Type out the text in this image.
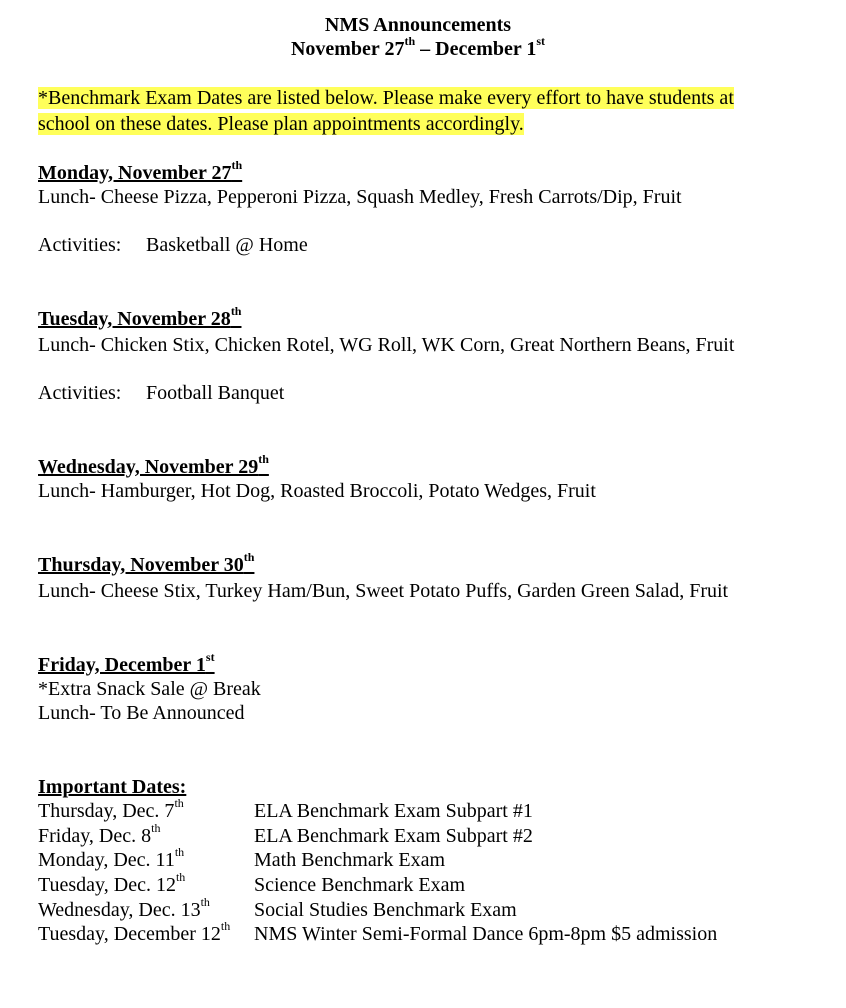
NMS Announcements
November 27th – December 1st
*Benchmark Exam Dates are listed below. Please make every effort to have students at
school on these dates. Please plan appointments accordingly.
Monday, November 27th
Lunch- Cheese Pizza, Pepperoni Pizza, Squash Medley, Fresh Carrots/Dip, Fruit
Activities: Basketball @ Home
Tuesday, November 28th
Lunch- Chicken Stix, Chicken Rotel, WG Roll, WK Corn, Great Northern Beans, Fruit
Activities: Football Banquet
Wednesday, November 29th
Lunch- Hamburger, Hot Dog, Roasted Broccoli, Potato Wedges, Fruit
Thursday, November 30th
Lunch- Cheese Stix, Turkey Ham/Bun, Sweet Potato Puffs, Garden Green Salad, Fruit
Friday, December 1st
*Extra Snack Sale @ Break
Lunch- To Be Announced
Important Dates:
Thursday, Dec. 7th	ELA Benchmark Exam Subpart #1
Friday, Dec. 8th	ELA Benchmark Exam Subpart #2
Monday, Dec. 11th	Math Benchmark Exam
Tuesday, Dec. 12th	Science Benchmark Exam
Wednesday, Dec. 13th Social Studies Benchmark Exam
Tuesday, December 12th NMS Winter Semi-Formal Dance 6pm-8pm $5 admission
